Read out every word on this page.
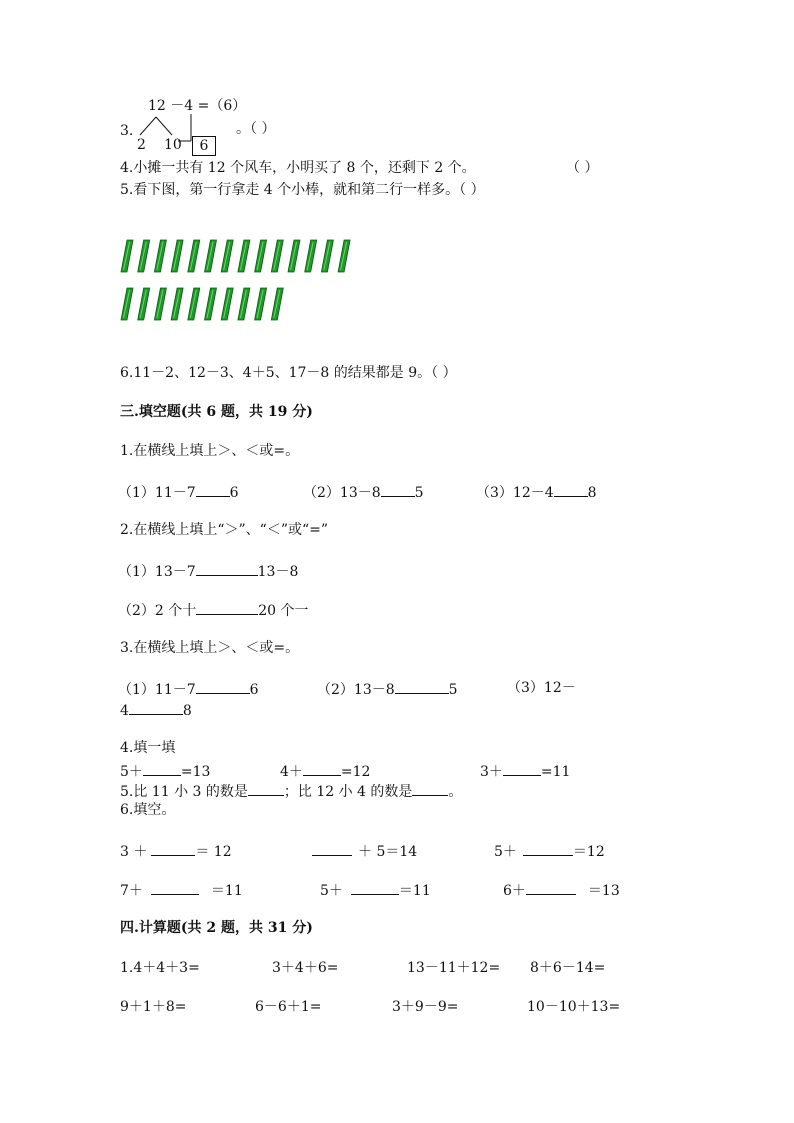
12 －4 =（6）
3.
2 10	6
。（ ）
4.小摊一共有 12 个风车，小明买了 8 个，还剩下 2 个。	（ ）
5.看下图，第一行拿走 4 个小棒，就和第二行一样多。（ ）
6.11－2、12－3、4＋5、17－8 的结果都是 9。（ ）
三.填空题(共 6 题，共 19 分)
1.在横线上填上＞、＜或=。
（1）11－7 6	（2）13－8 5	（3）12－4 8
2.在横线上填上“＞”、“＜”或“=”
（1）13－7	13－8
（2）2 个十	20 个一
3.在横线上填上＞、＜或=。
（1）11－7	6	（2）13－8	5	（3）12－
4	8
4.填一填
5＋	=13	4＋	=12	3＋	=11
5.比 11 小 3 的数是	；比 12 小 4 的数是	。
6.填空。
3 ＋	＝ 12	＋ 5＝14	5＋	＝12
7＋	＝11	5＋	＝11	6＋	＝13
四.计算题(共 2 题，共 31 分)
1.4＋4＋3=	3＋4＋6=	13－11＋12= 8＋6－14=
9＋1＋8=	6－6＋1=	3＋9－9=	10－10＋13=
